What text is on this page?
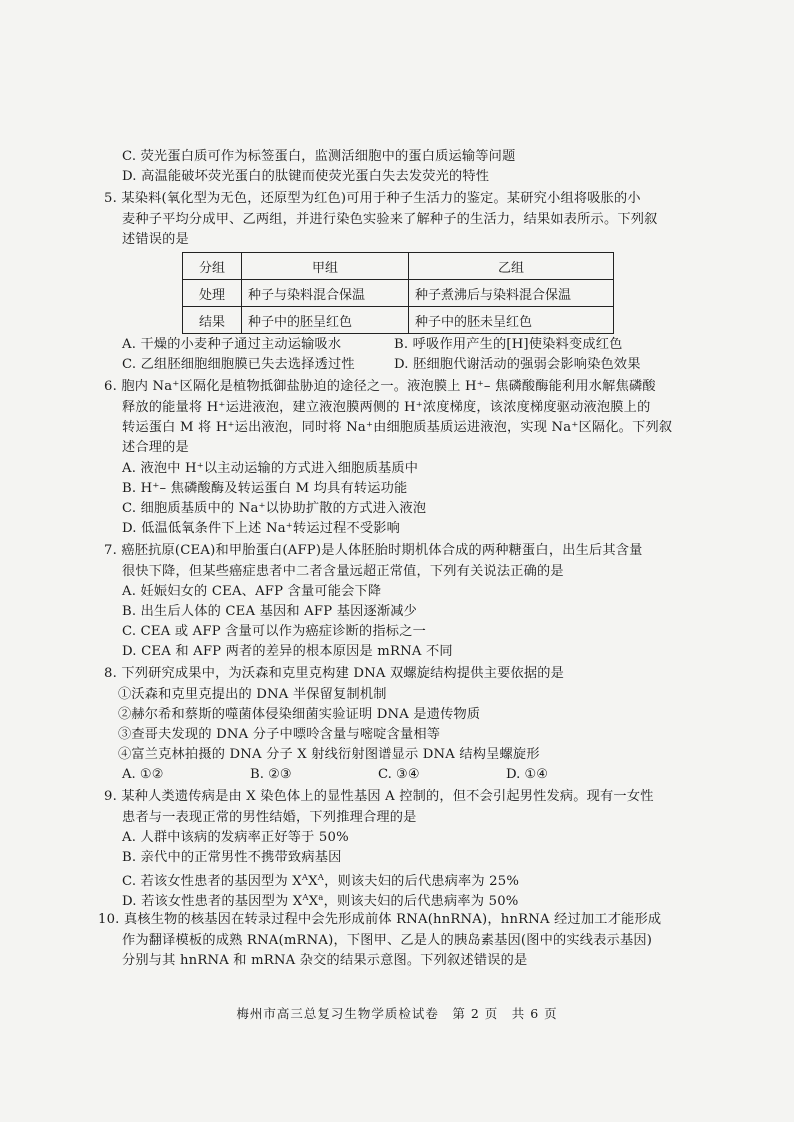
C. 荧光蛋白质可作为标签蛋白，监测活细胞中的蛋白质运输等问题
D. 高温能破坏荧光蛋白的肽键而使荧光蛋白失去发荧光的特性
5. 某染料(氧化型为无色，还原型为红色)可用于种子生活力的鉴定。某研究小组将吸胀的小
麦种子平均分成甲、乙两组，并进行染色实验来了解种子的生活力，结果如表所示。下列叙
述错误的是
分组	甲组	乙组
处理	种子与染料混合保温	种子煮沸后与染料混合保温
结果	种子中的胚呈红色	种子中的胚未呈红色
A. 干燥的小麦种子通过主动运输吸水	B. 呼吸作用产生的[H]使染料变成红色
C. 乙组胚细胞细胞膜已失去选择透过性	D. 胚细胞代谢活动的强弱会影响染色效果
6. 胞内 Na⁺区隔化是植物抵御盐胁迫的途径之一。液泡膜上 H⁺– 焦磷酸酶能利用水解焦磷酸
释放的能量将 H⁺运进液泡，建立液泡膜两侧的 H⁺浓度梯度，该浓度梯度驱动液泡膜上的
转运蛋白 M 将 H⁺运出液泡，同时将 Na⁺由细胞质基质运进液泡，实现 Na⁺区隔化。下列叙
述合理的是
A. 液泡中 H⁺以主动运输的方式进入细胞质基质中
B. H⁺– 焦磷酸酶及转运蛋白 M 均具有转运功能
C. 细胞质基质中的 Na⁺以协助扩散的方式进入液泡
D. 低温低氧条件下上述 Na⁺转运过程不受影响
7. 癌胚抗原(CEA)和甲胎蛋白(AFP)是人体胚胎时期机体合成的两种糖蛋白，出生后其含量
很快下降，但某些癌症患者中二者含量远超正常值，下列有关说法正确的是
A. 妊娠妇女的 CEA、AFP 含量可能会下降
B. 出生后人体的 CEA 基因和 AFP 基因逐渐减少
C. CEA 或 AFP 含量可以作为癌症诊断的指标之一
D. CEA 和 AFP 两者的差异的根本原因是 mRNA 不同
8. 下列研究成果中，为沃森和克里克构建 DNA 双螺旋结构提供主要依据的是
①沃森和克里克提出的 DNA 半保留复制机制
②赫尔希和蔡斯的噬菌体侵染细菌实验证明 DNA 是遗传物质
③查哥夫发现的 DNA 分子中嘌呤含量与嘧啶含量相等
④富兰克林拍摄的 DNA 分子 X 射线衍射图谱显示 DNA 结构呈螺旋形
A. ①②	B. ②③	C. ③④	D. ①④
9. 某种人类遗传病是由 X 染色体上的显性基因 A 控制的，但不会引起男性发病。现有一女性
患者与一表现正常的男性结婚，下列推理合理的是
A. 人群中该病的发病率正好等于 50%
B. 亲代中的正常男性不携带致病基因
C. 若该女性患者的基因型为 $X^AX^A$，则该夫妇的后代患病率为 25%
D. 若该女性患者的基因型为 $X^AX^a$，则该夫妇的后代患病率为 50%
10. 真核生物的核基因在转录过程中会先形成前体 RNA(hnRNA)，hnRNA 经过加工才能形成
作为翻译模板的成熟 RNA(mRNA)，下图甲、乙是人的胰岛素基因(图中的实线表示基因)
分别与其 hnRNA 和 mRNA 杂交的结果示意图。下列叙述错误的是
梅州市高三总复习生物学质检试卷　第 2 页　共 6 页
